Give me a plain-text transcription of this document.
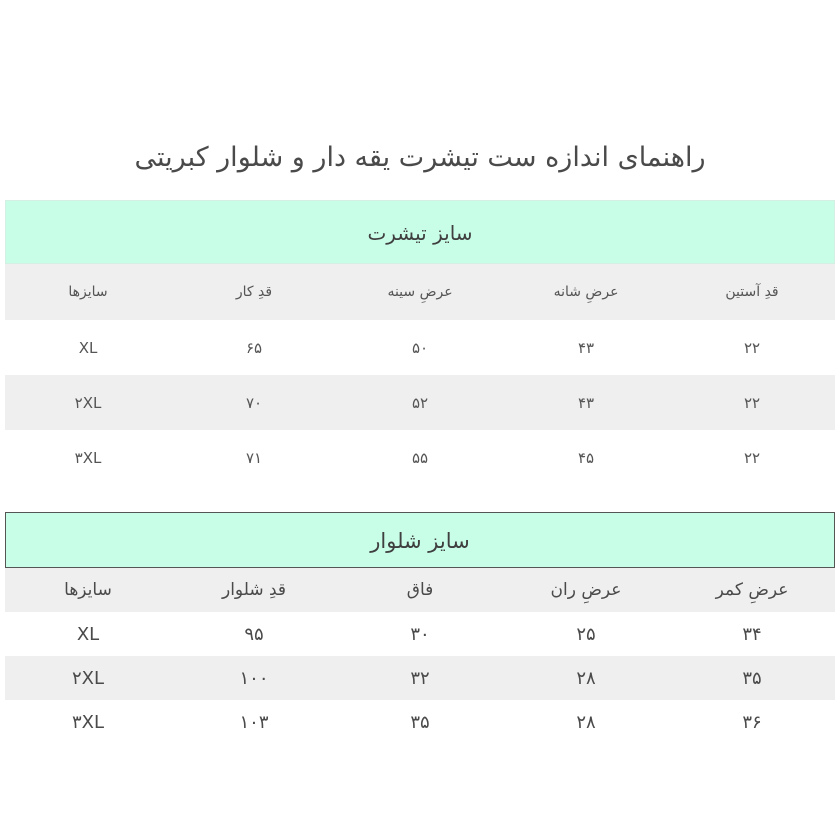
راهنمای اندازه ست تیشرت یقه دار و شلوار کبریتی
سایز تیشرت
قدِ آستین
عرضِ شانه
عرضِ سینه
قدِ کار
سایزها
۲۲
۴۳
۵۰
۶۵
XL
۲۲
۴۳
۵۲
۷۰
۲XL
۲۲
۴۵
۵۵
۷۱
۳XL
سایز شلوار
عرضِ کمر
عرضِ ران
فاق
قدِ شلوار
سایزها
۳۴
۲۵
۳۰
۹۵
XL
۳۵
۲۸
۳۲
۱۰۰
۲XL
۳۶
۲۸
۳۵
۱۰۳
۳XL
